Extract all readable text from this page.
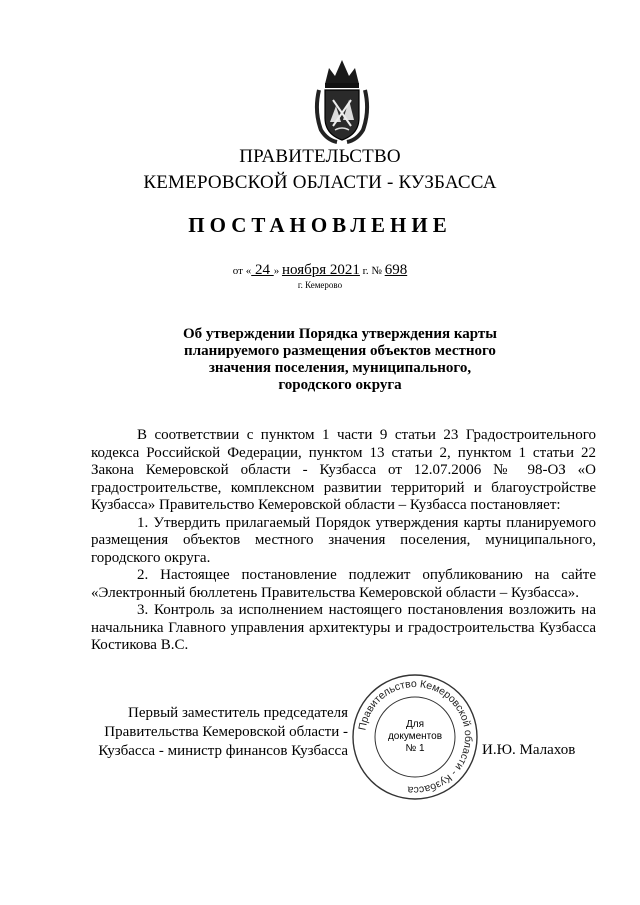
ПРАВИТЕЛЬСТВО
КЕМЕРОВСКОЙ ОБЛАСТИ - КУЗБАССА
ПОСТАНОВЛЕНИЕ
от « 24 » ноября 2021 г. № 698
г. Кемерово
Об утверждении Порядка утверждения карты
планируемого размещения объектов местного
значения поселения, муниципального,
городского округа

В соответствии с пунктом 1 части 9 статьи 23 Градостроительного кодекса Российской Федерации, пунктом 13 статьи 2, пунктом 1 статьи 22 Закона Кемеровской области - Кузбасса от 12.07.2006 № 98-ОЗ «О градостроительстве, комплексном развитии территорий и благоустройстве Кузбасса» Правительство Кемеровской области – Кузбасса постановляет:

1. Утвердить прилагаемый Порядок утверждения карты планируемого размещения объектов местного значения поселения, муниципального, городского округа.

2. Настоящее постановление подлежит опубликованию на сайте «Электронный бюллетень Правительства Кемеровской области – Кузбасса».

3. Контроль за исполнением настоящего постановления возложить на начальника Главного управления архитектуры и градостроительства Кузбасса Костикова В.С.

Первый заместитель председателя
Правительства Кемеровской области -
Кузбасса - министр финансов Кузбасса
Правительство Кемеровской области - Кузбасса
Для
документов
№ 1	И.Ю. Малахов
